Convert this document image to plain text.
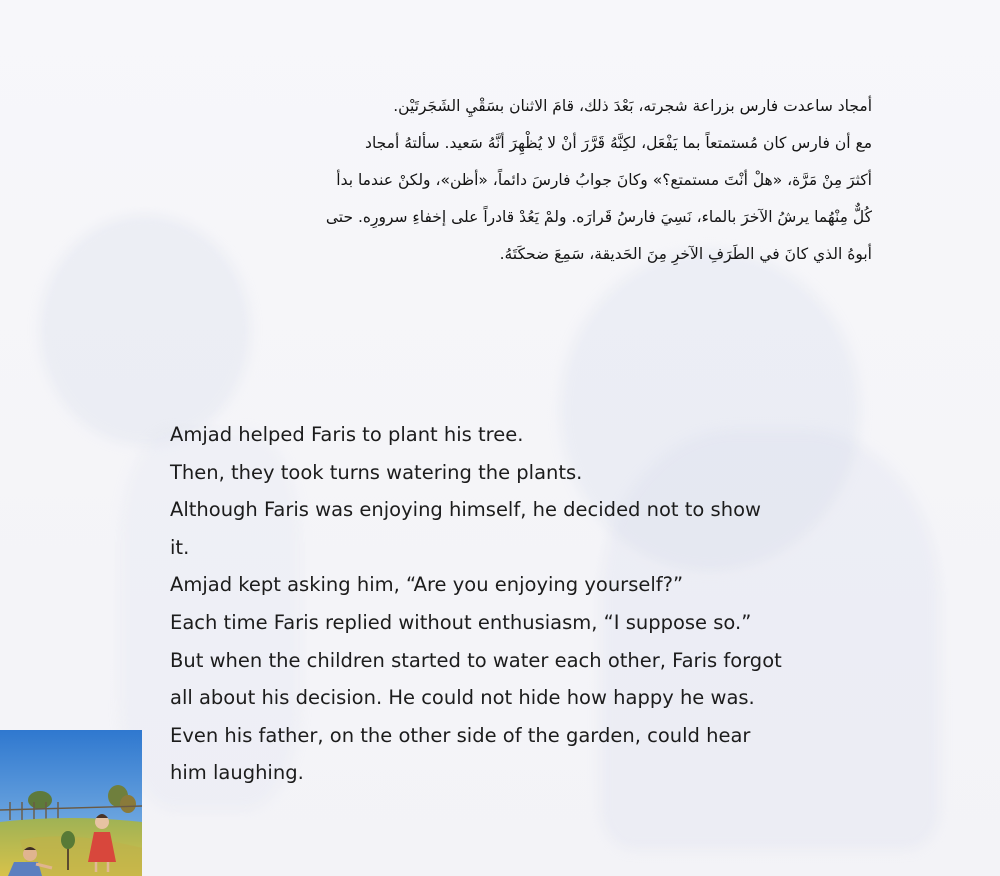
أمجاد ساعدت فارس بزراعة شجرته، بَعْدَ ذلك، قامَ الاثنان بسَقْيِ الشَجَرتَيْن.
مع أن فارس كان مُستمتعاً بما يَفْعَل، لكِنَّهُ قَرَّرَ أنْ لا يُظْهِرَ أنَّهُ سَعيد. سألتهُ أمجاد
أكثرَ مِنْ مَرَّة، «هلْ أنْتَ مستمتع؟» وكانَ جوابُ فارسَ دائماً، «أظن»، ولكنْ عندما بدأ
كُلٌّ مِنْهُما يرشُ الآخرَ بالماء، نَسِيَ فارسُ قَرارَه. ولمْ يَعُدْ قادراً على إخفاءِ سرورِه. حتى
أبوهُ الذي كانَ في الطَرَفِ الآخرِ مِنَ الحَديقة، سَمِعَ ضحكَتَهُ.
Amjad helped Faris to plant his tree.
Then, they took turns watering the plants.
Although Faris was enjoying himself, he decided not to show
it.
Amjad kept asking him, “Are you enjoying yourself?”
Each time Faris replied without enthusiasm, “I suppose so.”
But when the children started to water each other, Faris forgot
all about his decision. He could not hide how happy he was.
Even his father, on the other side of the garden, could hear
him laughing.
